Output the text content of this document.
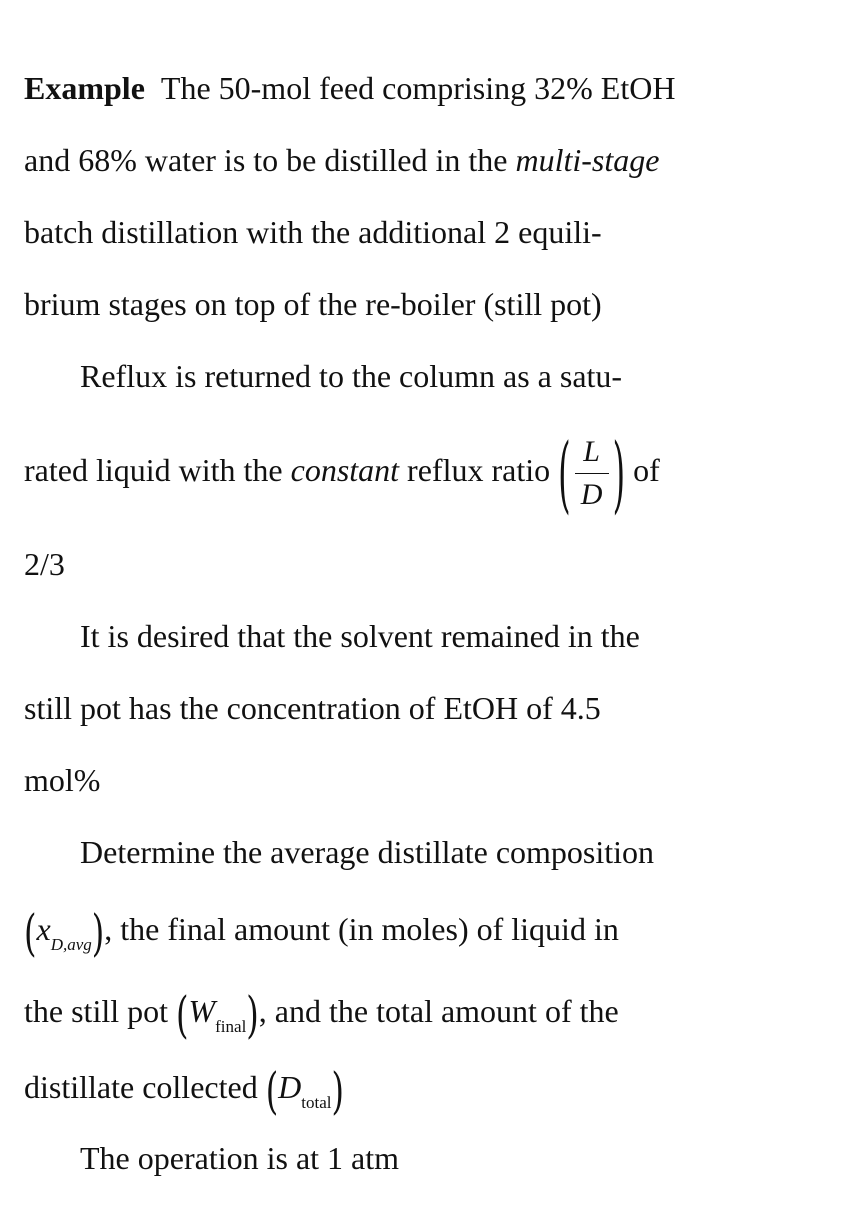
Example The 50-mol feed comprising 32% EtOH
and 68% water is to be distilled in the multi-stage
batch distillation with the additional 2 equili-
brium stages on top of the re-boiler (still pot)

Reflux is returned to the column as a satu-
rated liquid with the constant reflux ratio ( $\frac{L}{D}$ ) of
2/3

It is desired that the solvent remained in the
still pot has the concentration of EtOH of 4.5
mol%

Determine the average distillate composition
$(x_{D,avg})$, the final amount (in moles) of liquid in
the still pot $(W_{final})$, and the total amount of the
distillate collected $(D_{total})$

The operation is at 1 atm
